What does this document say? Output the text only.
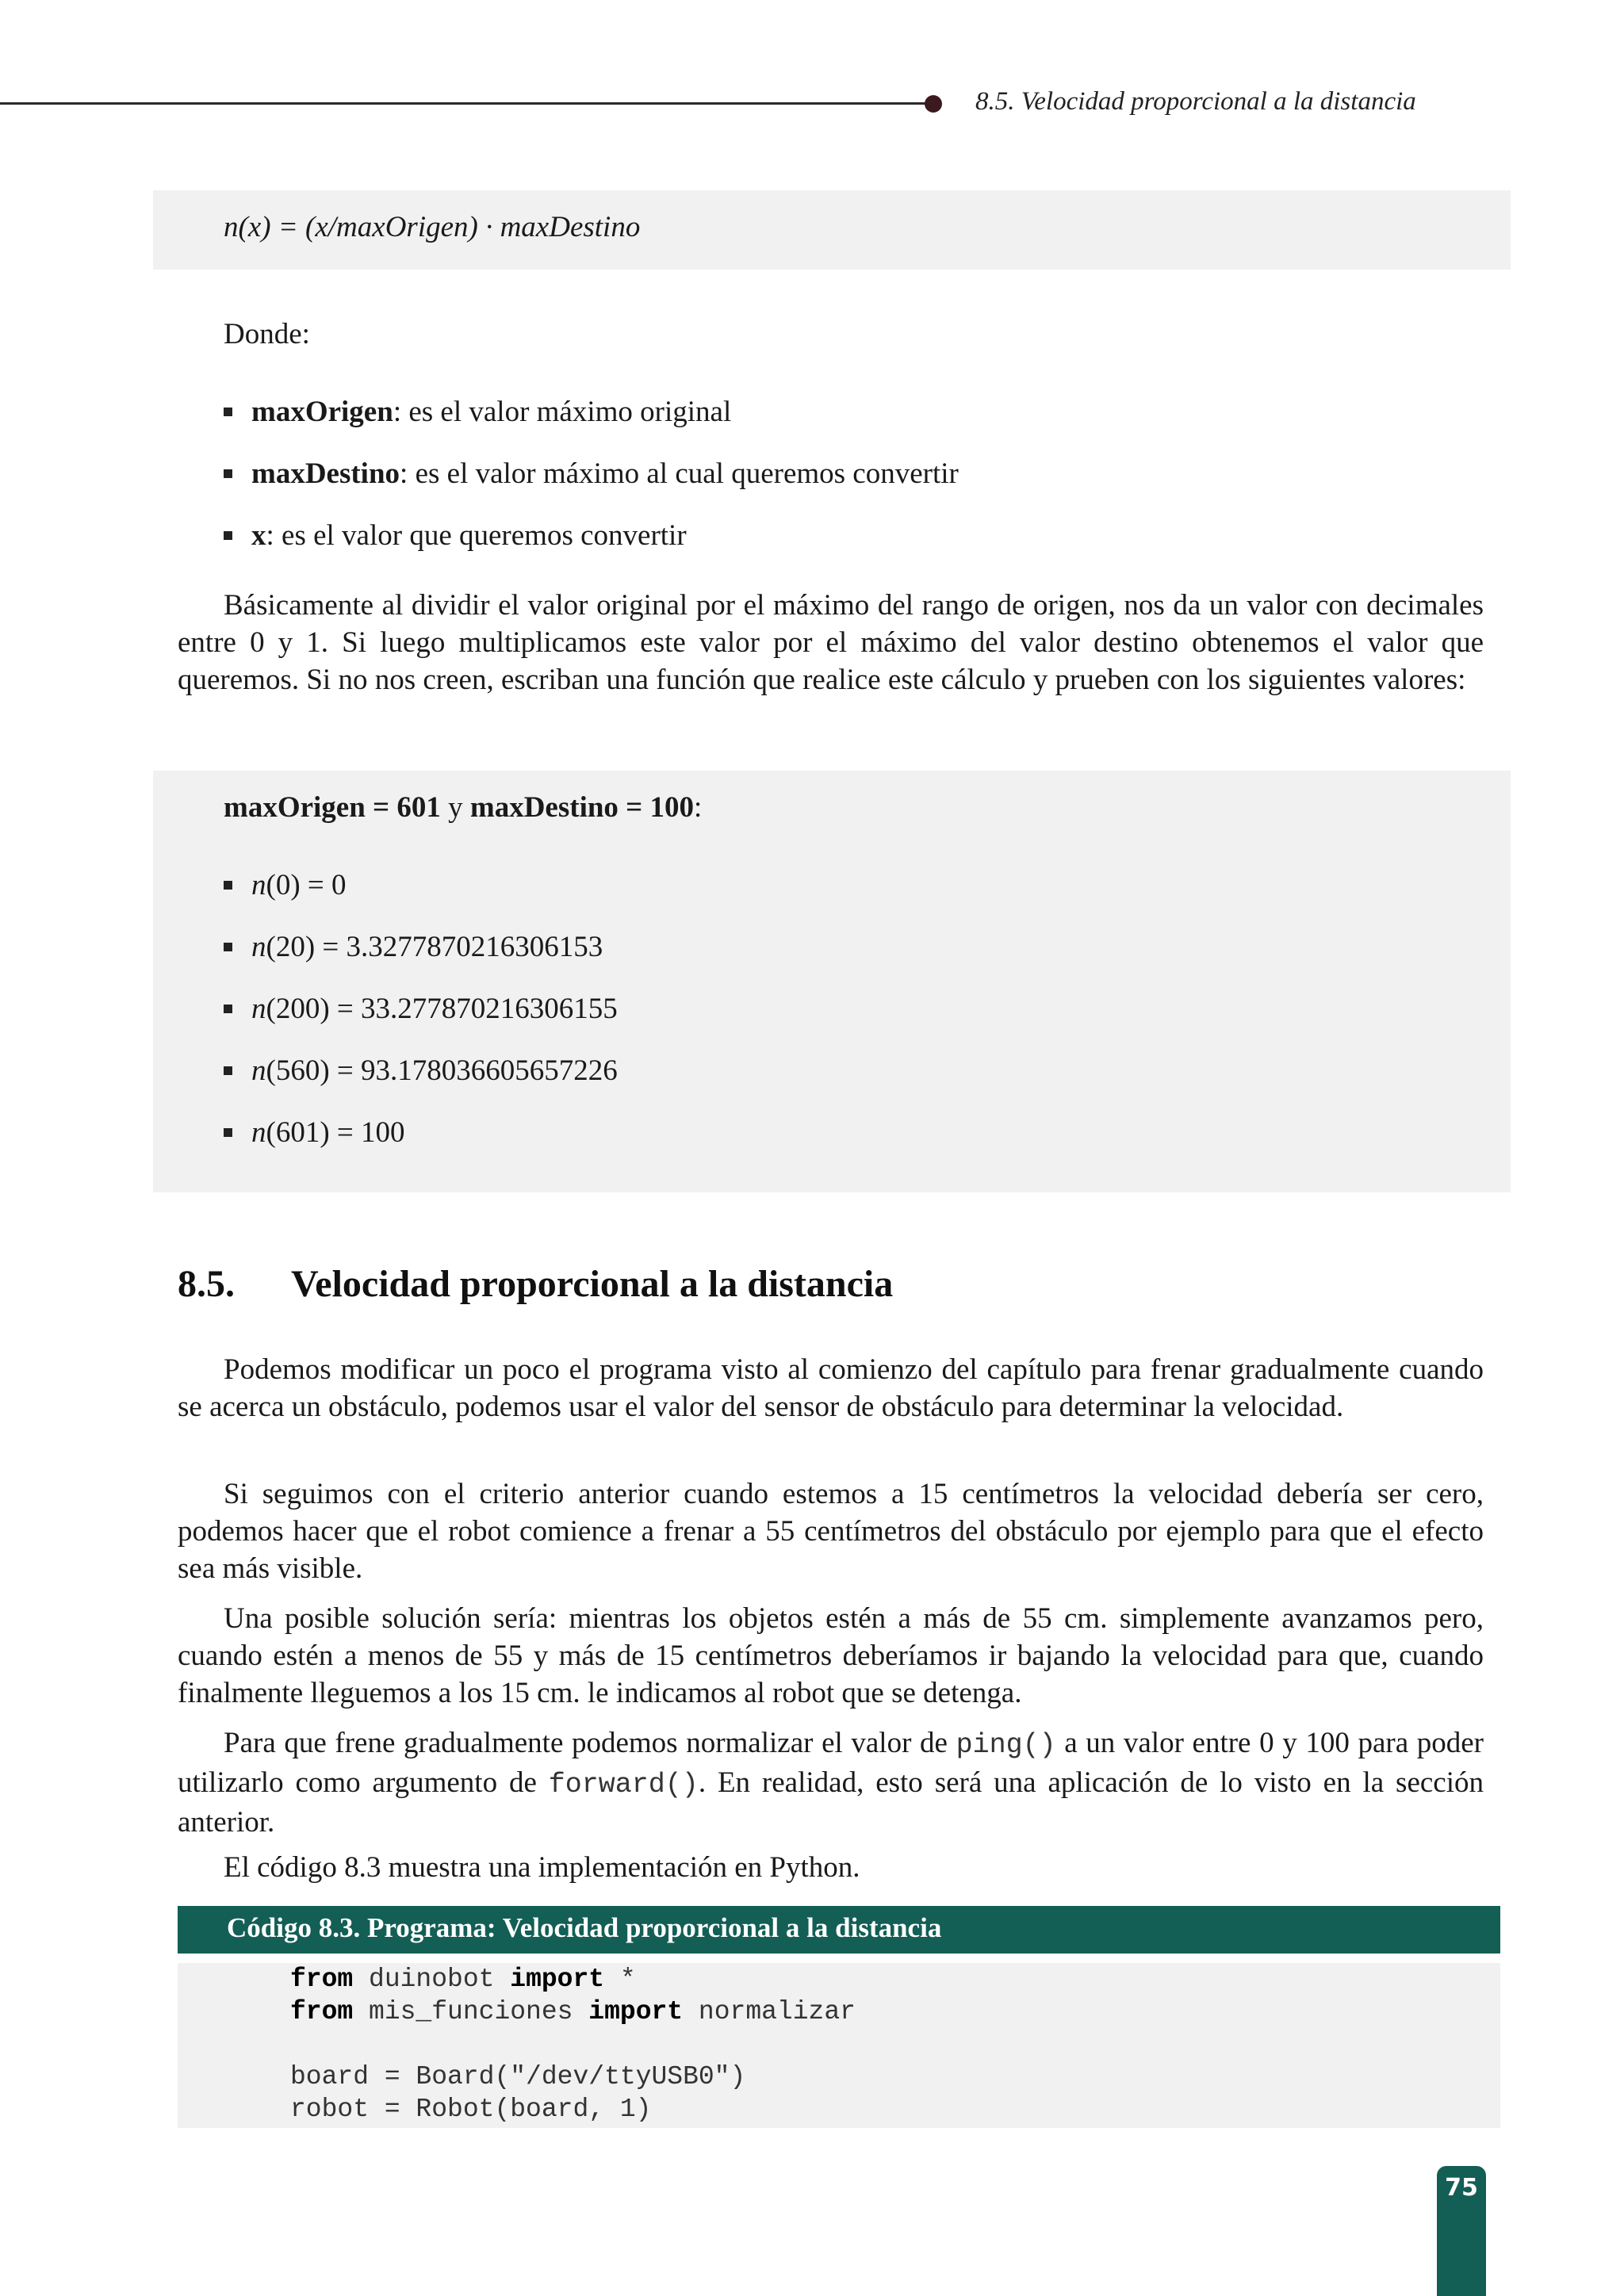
8.5. Velocidad proporcional a la distancia
n(x) = (x/maxOrigen) · maxDestino
Donde:
maxOrigen: es el valor máximo original
maxDestino: es el valor máximo al cual queremos convertir
x: es el valor que queremos convertir
Básicamente al dividir el valor original por el máximo del rango de origen, nos da un valor con decimales entre 0 y 1. Si luego multiplicamos este valor por el máximo del valor destino obtenemos el valor que queremos. Si no nos creen, escriban una función que realice este cálculo y prueben con los siguientes valores:
maxOrigen = 601 y maxDestino = 100:
n(0) = 0
n(20) = 3.3277870216306153
n(200) = 33.277870216306155
n(560) = 93.178036605657226
n(601) = 100
8.5. Velocidad proporcional a la distancia
Podemos modificar un poco el programa visto al comienzo del capítulo para frenar gradualmente cuando se acerca un obstáculo, podemos usar el valor del sensor de obstáculo para determinar la velocidad.
Si seguimos con el criterio anterior cuando estemos a 15 centímetros la velocidad debería ser cero, podemos hacer que el robot comience a frenar a 55 centímetros del obstáculo por ejemplo para que el efecto sea más visible.
Una posible solución sería: mientras los objetos estén a más de 55 cm. simplemente avanzamos pero, cuando estén a menos de 55 y más de 15 centímetros deberíamos ir bajando la velocidad para que, cuando finalmente lleguemos a los 15 cm. le indicamos al robot que se detenga.
Para que frene gradualmente podemos normalizar el valor de ping() a un valor entre 0 y 100 para poder utilizarlo como argumento de forward(). En realidad, esto será una aplicación de lo visto en la sección anterior.
El código 8.3 muestra una implementación en Python.
Código 8.3. Programa: Velocidad proporcional a la distancia
from duinobot import *
from mis_funciones import normalizar
board = Board("/dev/ttyUSB0")
robot = Robot(board, 1)
75
